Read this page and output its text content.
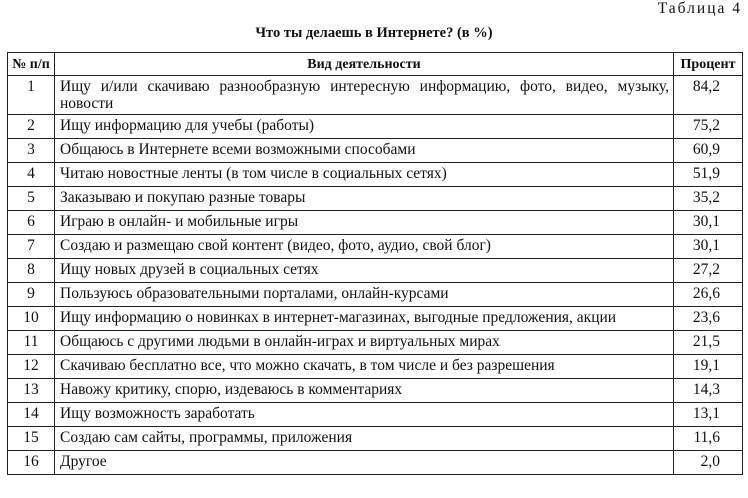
Таблица 4
Что ты делаешь в Интернете? (в %)
№ п/п	Вид деятельности	Процент
1	Ищу и/или скачиваю разнообразную интересную информацию, фото, видео, музыку, новости	84,2
2	Ищу информацию для учебы (работы)	75,2
3	Общаюсь в Интернете всеми возможными способами	60,9
4	Читаю новостные ленты (в том числе в социальных сетях)	51,9
5	Заказываю и покупаю разные товары	35,2
6	Играю в онлайн- и мобильные игры	30,1
7	Создаю и размещаю свой контент (видео, фото, аудио, свой блог)	30,1
8	Ищу новых друзей в социальных сетях	27,2
9	Пользуюсь образовательными порталами, онлайн-курсами	26,6
10	Ищу информацию о новинках в интернет-магазинах, выгодные предложения, акции	23,6
11	Общаюсь с другими людьми в онлайн-играх и виртуальных мирах	21,5
12	Скачиваю бесплатно все, что можно скачать, в том числе и без разрешения	19,1
13	Навожу критику, спорю, издеваюсь в комментариях	14,3
14	Ищу возможность заработать	13,1
15	Создаю сам сайты, программы, приложения	11,6
16	Другое	2,0
